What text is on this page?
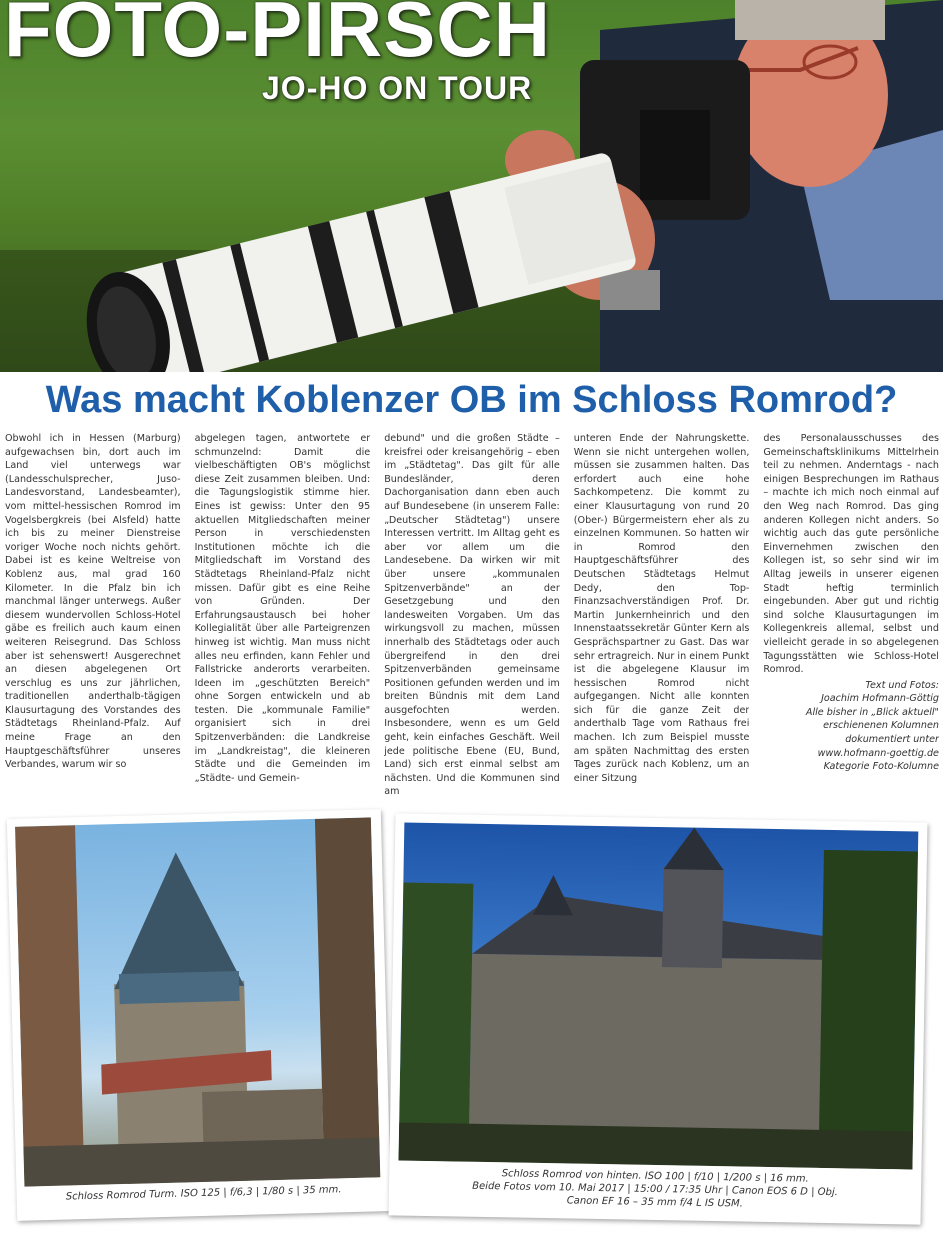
FOTO-PIRSCH
JO-HO ON TOUR
Was macht Koblenzer OB im Schloss Romrod?

Obwohl ich in Hessen (Marburg) aufgewachsen bin, dort auch im Land viel unterwegs war (Landesschulsprecher, Juso-Landesvorstand, Landesbeamter), vom mittel-hessischen Romrod im Vogelsbergkreis (bei Alsfeld) hatte ich bis zu meiner Dienstreise voriger Woche noch nichts gehört. Dabei ist es keine Weltreise von Koblenz aus, mal grad 160 Kilometer. In die Pfalz bin ich manchmal länger unterwegs. Außer diesem wundervollen Schloss-Hotel gäbe es freilich auch kaum einen weiteren Reisegrund. Das Schloss aber ist sehenswert! Ausgerechnet an diesen abgelegenen Ort verschlug es uns zur jährlichen, traditionellen anderthalb-tägigen Klausurtagung des Vorstandes des Städtetags Rheinland-Pfalz. Auf meine Frage an den Hauptgeschäftsführer unseres Verbandes, warum wir so

abgelegen tagen, antwortete er schmunzelnd: Damit die vielbeschäftigten OB's möglichst diese Zeit zusammen bleiben. Und: die Tagungslogistik stimme hier. Eines ist gewiss: Unter den 95 aktuellen Mitgliedschaften meiner Person in verschiedensten Institutionen möchte ich die Mitgliedschaft im Vorstand des Städtetags Rheinland-Pfalz nicht missen. Dafür gibt es eine Reihe von Gründen. Der Erfahrungsaustausch bei hoher Kollegialität über alle Parteigrenzen hinweg ist wichtig. Man muss nicht alles neu erfinden, kann Fehler und Fallstricke anderorts verarbeiten. Ideen im „geschützten Bereich" ohne Sorgen entwickeln und ab testen. Die „kommunale Familie" organisiert sich in drei Spitzenverbänden: die Landkreise im „Landkreistag", die kleineren Städte und die Gemeinden im „Städte- und Gemein-

debund" und die großen Städte – kreisfrei oder kreisangehörig – eben im „Städtetag". Das gilt für alle Bundesländer, deren Dachorganisation dann eben auch auf Bundesebene (in unserem Falle: „Deutscher Städtetag") unsere Interessen vertritt. Im Alltag geht es aber vor allem um die Landesebene. Da wirken wir mit über unsere „kommunalen Spitzenverbände" an der Gesetzgebung und den landesweiten Vorgaben. Um das wirkungsvoll zu machen, müssen innerhalb des Städtetags oder auch übergreifend in den drei Spitzenverbänden gemeinsame Positionen gefunden werden und im breiten Bündnis mit dem Land ausgefochten werden. Insbesondere, wenn es um Geld geht, kein einfaches Geschäft. Weil jede politische Ebene (EU, Bund, Land) sich erst einmal selbst am nächsten. Und die Kommunen sind am

unteren Ende der Nahrungskette. Wenn sie nicht untergehen wollen, müssen sie zusammen halten. Das erfordert auch eine hohe Sachkompetenz. Die kommt zu einer Klausurtagung von rund 20 (Ober-) Bürgermeistern eher als zu einzelnen Kommunen. So hatten wir in Romrod den Hauptgeschäftsführer des Deutschen Städtetags Helmut Dedy, den Top-Finanzsachverständigen Prof. Dr. Martin Junkernheinrich und den Innenstaatssekretär Günter Kern als Gesprächspartner zu Gast. Das war sehr ertragreich. Nur in einem Punkt ist die abgelegene Klausur im hessischen Romrod nicht aufgegangen. Nicht alle konnten sich für die ganze Zeit der anderthalb Tage vom Rathaus frei machen. Ich zum Beispiel musste am späten Nachmittag des ersten Tages zurück nach Koblenz, um an einer Sitzung

des Personalausschusses des Gemeinschaftsklinikums Mittelrhein teil zu nehmen. Anderntags - nach einigen Besprechungen im Rathaus – machte ich mich noch einmal auf den Weg nach Romrod. Das ging anderen Kollegen nicht anders. So wichtig auch das gute persönliche Einvernehmen zwischen den Kollegen ist, so sehr sind wir im Alltag jeweils in unserer eigenen Stadt heftig terminlich eingebunden. Aber gut und richtig sind solche Klausurtagungen im Kollegenkreis allemal, selbst und vielleicht gerade in so abgelegenen Tagungsstätten wie Schloss-Hotel Romrod.

Text und Fotos:
Joachim Hofmann-Göttig
Alle bisher in „Blick aktuell"
erschienenen Kolumnen
dokumentiert unter
www.hofmann-goettig.de
Kategorie Foto-Kolumne
Schloss Romrod Turm. ISO 125 | f/6,3 | 1/80 s | 35 mm.
Schloss Romrod von hinten. ISO 100 | f/10 | 1/200 s | 16 mm.
Beide Fotos vom 10. Mai 2017 | 15:00 / 17:35 Uhr | Canon EOS 6 D | Obj.
Canon EF 16 – 35 mm f/4 L IS USM.
